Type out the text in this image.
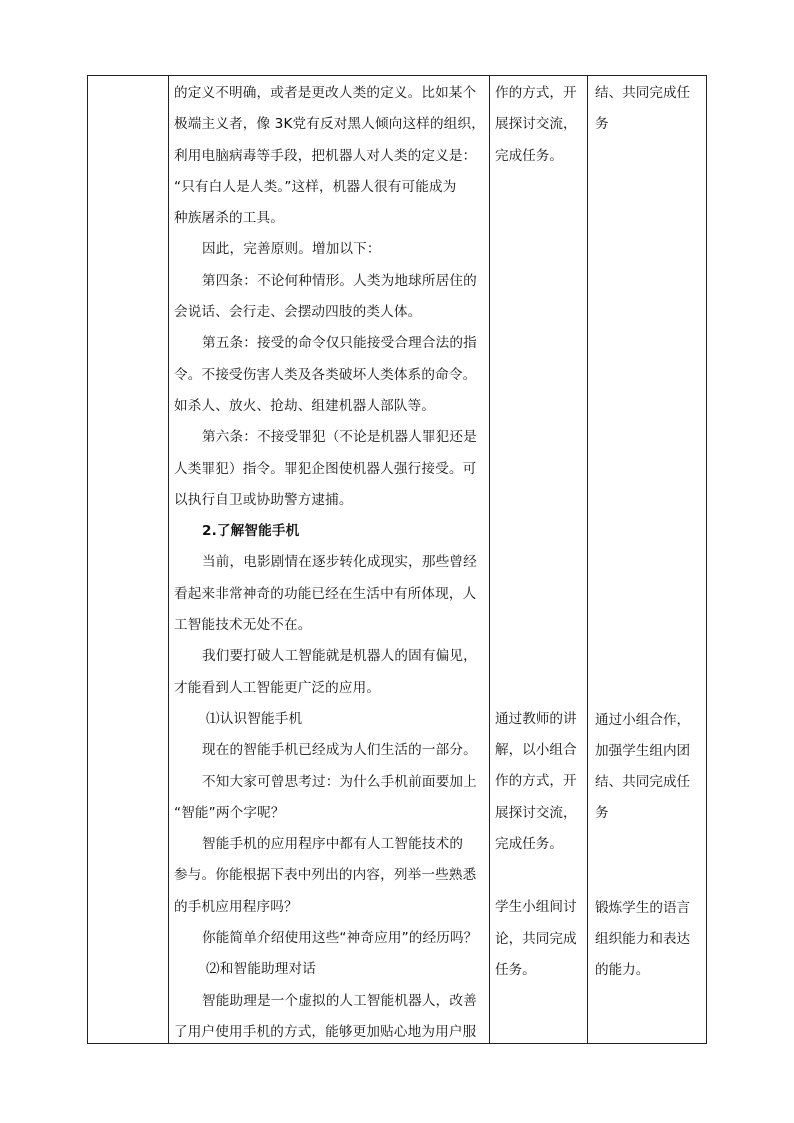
的定义不明确，或者是更改人类的定义。比如某个
极端主义者，像 3K党有反对黑人倾向这样的组织，
利用电脑病毒等手段，把机器人对人类的定义是：
“只有白人是人类。”这样，机器人很有可能成为
种族屠杀的工具。
因此，完善原则。增加以下：
第四条：不论何种情形。人类为地球所居住的
会说话、会行走、会摆动四肢的类人体。
第五条：接受的命令仅只能接受合理合法的指
令。不接受伤害人类及各类破坏人类体系的命令。
如杀人、放火、抢劫、组建机器人部队等。
第六条：不接受罪犯（不论是机器人罪犯还是
人类罪犯）指令。罪犯企图使机器人强行接受。可
以执行自卫或协助警方逮捕。
2.了解智能手机
当前，电影剧情在逐步转化成现实，那些曾经
看起来非常神奇的功能已经在生活中有所体现，人
工智能技术无处不在。
我们要打破人工智能就是机器人的固有偏见，
才能看到人工智能更广泛的应用。
⑴认识智能手机
现在的智能手机已经成为人们生活的一部分。
不知大家可曾思考过：为什么手机前面要加上
“智能”两个字呢？
智能手机的应用程序中都有人工智能技术的
参与。你能根据下表中列出的内容，列举一些熟悉
的手机应用程序吗？
你能简单介绍使用这些“神奇应用”的经历吗？
⑵和智能助理对话
智能助理是一个虚拟的人工智能机器人，改善
了用户使用手机的方式，能够更加贴心地为用户服
作的方式，开
展探讨交流，
完成任务。
通过教师的讲
解，以小组合
作的方式，开
展探讨交流，
完成任务。
学生小组间讨
论，共同完成
任务。
结、共同完成任
务
通过小组合作，
加强学生组内团
结、共同完成任
务
锻炼学生的语言
组织能力和表达
的能力。
